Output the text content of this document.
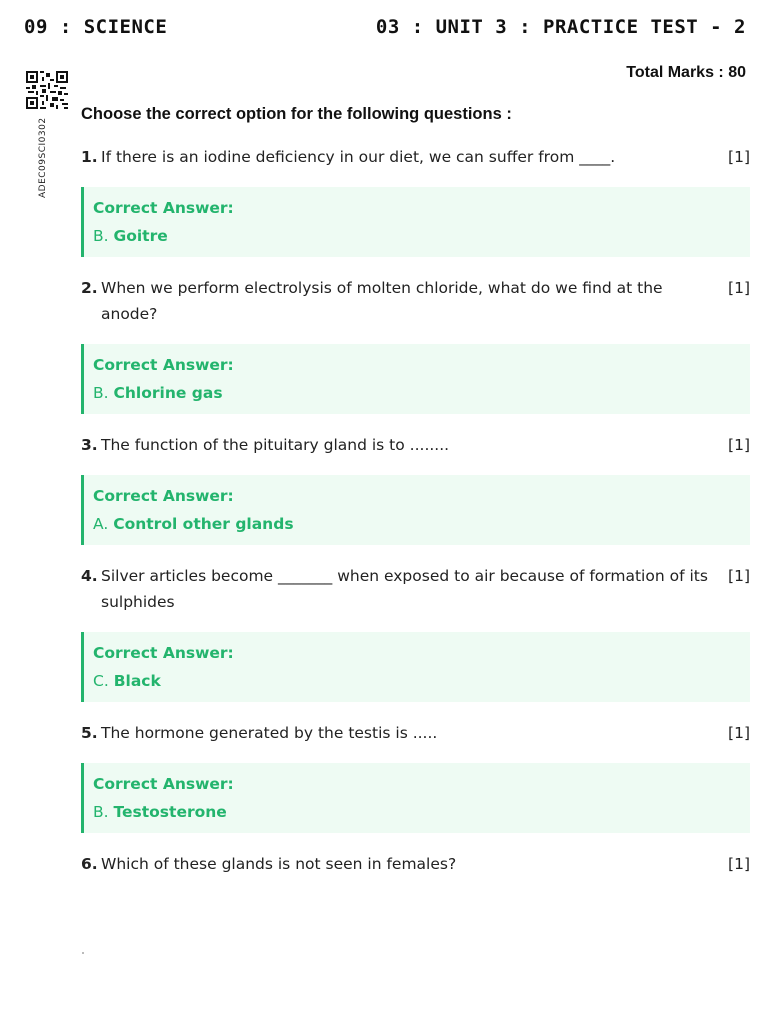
09 : SCIENCE	03 : UNIT 3 : PRACTICE TEST - 2
ADEC09SCI0302
Total Marks : 80
Choose the correct option for the following questions :
1. If there is an iodine deficiency in our diet, we can suffer from ____.	[1]
Correct Answer:
B. Goitre
2. When we perform electrolysis of molten chloride, what do we find at the anode?
[1]
Correct Answer:
B. Chlorine gas
3. The function of the pituitary gland is to ........	[1]
Correct Answer:
A. Control other glands
4. Silver articles become _______ when exposed to air because of formation of its sulphides
[1]
Correct Answer:
C. Black
5. The hormone generated by the testis is .....	[1]
Correct Answer:
B. Testosterone
6. Which of these glands is not seen in females?	[1]
